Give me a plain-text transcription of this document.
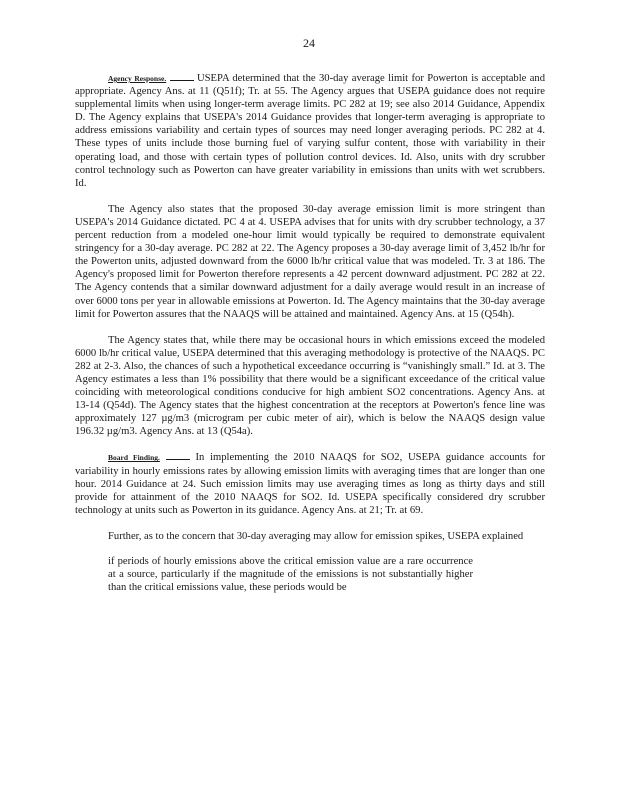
24

Agency Response.	USEPA determined that the 30-day average limit for Powerton is acceptable and appropriate. Agency Ans. at 11 (Q51f); Tr. at 55. The Agency argues that USEPA guidance does not require supplemental limits when using longer-term average limits. PC 282 at 19; see also 2014 Guidance, Appendix D. The Agency explains that USEPA's 2014 Guidance provides that longer-term averaging is appropriate to address emissions variability and certain types of sources may need longer averaging periods. PC 282 at 4. These types of units include those burning fuel of varying sulfur content, those with variability in their operating load, and those with certain types of pollution control devices. Id. Also, units with dry scrubber control technology such as Powerton can have greater variability in emissions than units with wet scrubbers. Id.

The Agency also states that the proposed 30-day average emission limit is more stringent than USEPA's 2014 Guidance dictated. PC 4 at 4. USEPA advises that for units with dry scrubber technology, a 37 percent reduction from a modeled one-hour limit would typically be required to demonstrate equivalent stringency for a 30-day average. PC 282 at 22. The Agency proposes a 30-day average limit of 3,452 lb/hr for the Powerton units, adjusted downward from the 6000 lb/hr critical value that was modeled. Tr. 3 at 186. The Agency's proposed limit for Powerton therefore represents a 42 percent downward adjustment. PC 282 at 22. The Agency contends that a similar downward adjustment for a daily average would result in an increase of over 6000 tons per year in allowable emissions at Powerton. Id. The Agency maintains that the 30-day average limit for Powerton assures that the NAAQS will be attained and maintained. Agency Ans. at 15 (Q54h).

The Agency states that, while there may be occasional hours in which emissions exceed the modeled 6000 lb/hr critical value, USEPA determined that this averaging methodology is protective of the NAAQS. PC 282 at 2-3. Also, the chances of such a hypothetical exceedance occurring is “vanishingly small.” Id. at 3. The Agency estimates a less than 1% possibility that there would be a significant exceedance of the critical value coinciding with meteorological conditions conducive for high ambient SO2 concentrations. Agency Ans. at 13-14 (Q54d). The Agency states that the highest concentration at the receptors at Powerton's fence line was approximately 127 µg/m3 (microgram per cubic meter of air), which is below the NAAQS design value 196.32 µg/m3. Agency Ans. at 13 (Q54a).

Board Finding.	In implementing the 2010 NAAQS for SO2, USEPA guidance accounts for variability in hourly emissions rates by allowing emission limits with averaging times that are longer than one hour. 2014 Guidance at 24. Such emission limits may use averaging times as long as thirty days and still provide for attainment of the 2010 NAAQS for SO2. Id. USEPA specifically considered dry scrubber technology at units such as Powerton in its guidance. Agency Ans. at 21; Tr. at 69.

Further, as to the concern that 30-day averaging may allow for emission spikes, USEPA explained

if periods of hourly emissions above the critical emission value are a rare occurrence at a source, particularly if the magnitude of the emissions is not substantially higher than the critical emissions value, these periods would be
